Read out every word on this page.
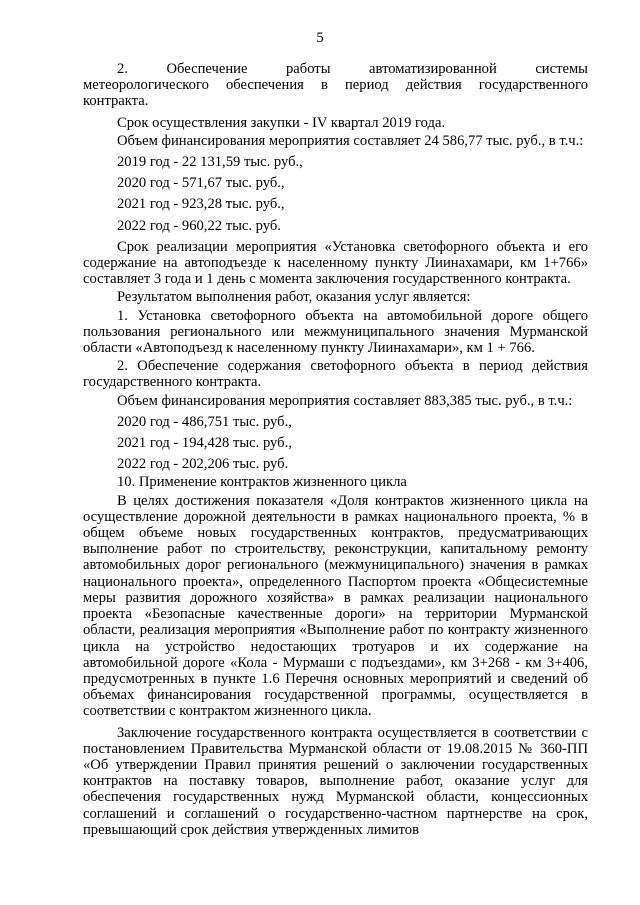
5

2. Обеспечение работы автоматизированной системы метеорологического обеспечения в период действия государственного контракта.

Срок осуществления закупки - IV квартал 2019 года.

Объем финансирования мероприятия составляет 24 586,77 тыс. руб., в т.ч.:

2019 год - 22 131,59 тыс. руб.,

2020 год - 571,67 тыс. руб.,

2021 год - 923,28 тыс. руб.,

2022 год - 960,22 тыс. руб.

Срок реализации мероприятия «Установка светофорного объекта и его содержание на автоподъезде к населенному пункту Лиинахамари, км 1+766» составляет 3 года и 1 день с момента заключения государственного контракта.

Результатом выполнения работ, оказания услуг является:

1. Установка светофорного объекта на автомобильной дороге общего пользования регионального или межмуниципального значения Мурманской области «Автоподъезд к населенному пункту Лиинахамари», км 1 + 766.

2. Обеспечение содержания светофорного объекта в период действия государственного контракта.

Объем финансирования мероприятия составляет 883,385 тыс. руб., в т.ч.:

2020 год - 486,751 тыс. руб.,

2021 год - 194,428 тыс. руб.,

2022 год - 202,206 тыс. руб.

10. Применение контрактов жизненного цикла

В целях достижения показателя «Доля контрактов жизненного цикла на осуществление дорожной деятельности в рамках национального проекта, % в общем объеме новых государственных контрактов, предусматривающих выполнение работ по строительству, реконструкции, капитальному ремонту автомобильных дорог регионального (межмуниципального) значения в рамках национального проекта», определенного Паспортом проекта «Общесистемные меры развития дорожного хозяйства» в рамках реализации национального проекта «Безопасные качественные дороги» на территории Мурманской области, реализация мероприятия «Выполнение работ по контракту жизненного цикла на устройство недостающих тротуаров и их содержание на автомобильной дороге «Кола - Мурмаши с подъездами», км 3+268 - км 3+406, предусмотренных в пункте 1.6 Перечня основных мероприятий и сведений об объемах финансирования государственной программы, осуществляется в соответствии с контрактом жизненного цикла.

Заключение государственного контракта осуществляется в соответствии с постановлением Правительства Мурманской области от 19.08.2015 № 360-ПП «Об утверждении Правил принятия решений о заключении государственных контрактов на поставку товаров, выполнение работ, оказание услуг для обеспечения государственных нужд Мурманской области, концессионных соглашений и соглашений о государственно-частном партнерстве на срок, превышающий срок действия утвержденных лимитов
